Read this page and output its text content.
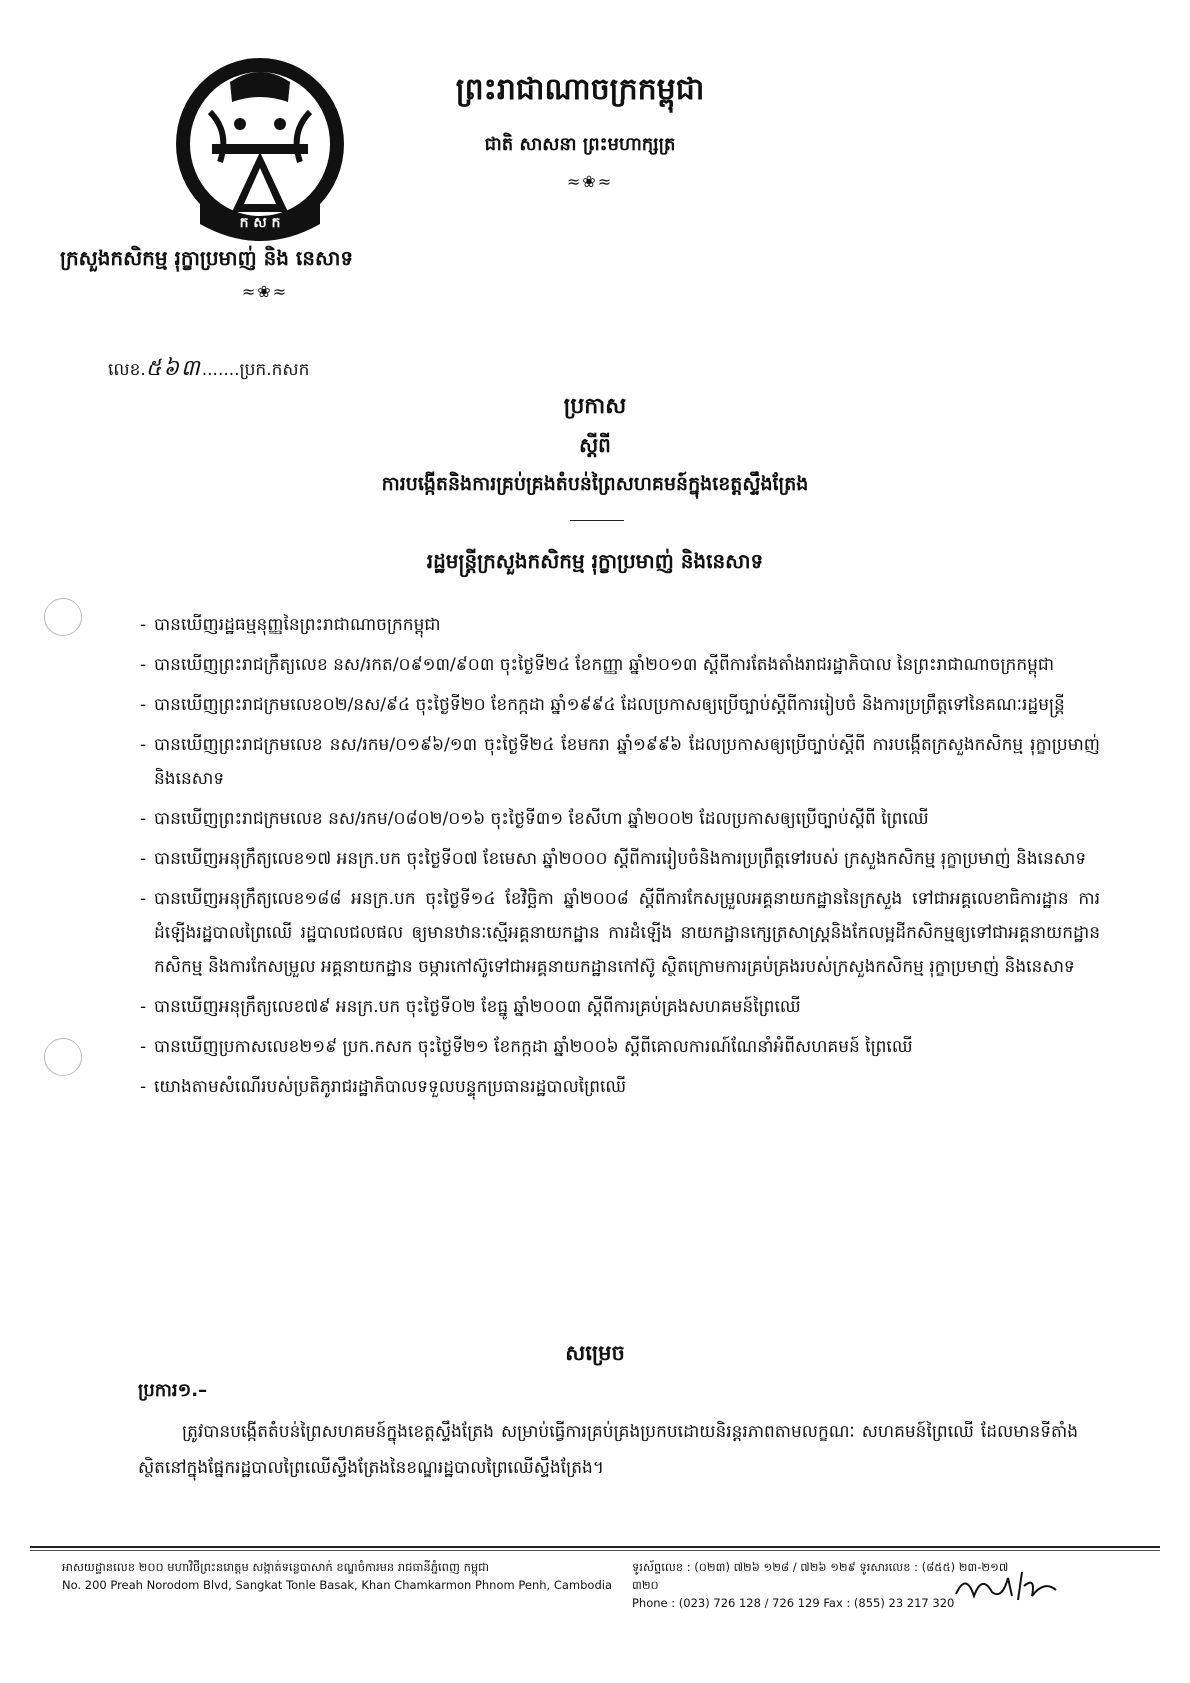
ក ស ក
ព្រះរាជាណាចក្រកម្ពុជា
ជាតិ សាសនា ព្រះមហាក្សត្រ
≈❀≈
ក្រសួងកសិកម្ម រុក្ខាប្រមាញ់ និង នេសាទ
≈❀≈
លេខ.៥៦៣.......ប្រក.កសក
ប្រកាស
ស្ដីពី
ការបង្កើតនិងការគ្រប់គ្រងតំបន់ព្រៃសហគមន៍ក្នុងខេត្តស្ទឹងត្រែង
រដ្ឋមន្ត្រីក្រសួងកសិកម្ម រុក្ខាប្រមាញ់ និងនេសាទ
- បានឃើញរដ្ឋធម្មនុញ្ញនៃព្រះរាជាណាចក្រកម្ពុជា
- បានឃើញព្រះរាជក្រឹត្យលេខ នស/រកត/០៩១៣/៩០៣ ចុះថ្ងៃទី២៤ ខែកញ្ញា ឆ្នាំ២០១៣ ស្ដីពីការតែងតាំងរាជរដ្ឋាភិបាល នៃព្រះរាជាណាចក្រកម្ពុជា
- បានឃើញព្រះរាជក្រមលេខ០២/នស/៩៤ ចុះថ្ងៃទី២០ ខែកក្កដា ឆ្នាំ១៩៩៤ ដែលប្រកាសឲ្យប្រើច្បាប់ស្ដីពីការរៀបចំ និងការប្រព្រឹត្តទៅនៃគណៈរដ្ឋមន្ត្រី
- បានឃើញព្រះរាជក្រមលេខ នស/រកម/០១៩៦/១៣ ចុះថ្ងៃទី២៤ ខែមករា ឆ្នាំ១៩៩៦ ដែលប្រកាសឲ្យប្រើច្បាប់ស្ដីពី ការបង្កើតក្រសួងកសិកម្ម រុក្ខាប្រមាញ់ និងនេសាទ
- បានឃើញព្រះរាជក្រមលេខ នស/រកម/០៨០២/០១៦ ចុះថ្ងៃទី៣១ ខែសីហា ឆ្នាំ២០០២ ដែលប្រកាសឲ្យប្រើច្បាប់ស្ដីពី ព្រៃឈើ
- បានឃើញអនុក្រឹត្យលេខ១៧ អនក្រ.បក ចុះថ្ងៃទី០៧ ខែមេសា ឆ្នាំ២០០០ ស្ដីពីការរៀបចំនិងការប្រព្រឹត្តទៅរបស់ ក្រសួងកសិកម្ម រុក្ខាប្រមាញ់ និងនេសាទ
- បានឃើញអនុក្រឹត្យលេខ១៨៨ អនក្រ.បក ចុះថ្ងៃទី១៤ ខែវិច្ឆិកា ឆ្នាំ២០០៨ ស្ដីពីការកែសម្រួលអគ្គនាយកដ្ឋាននៃក្រសួង ទៅជាអគ្គលេខាធិការដ្ឋាន ការដំឡើងរដ្ឋបាលព្រៃឈើ រដ្ឋបាលជលផល ឲ្យមានឋានៈស្មើអគ្គនាយកដ្ឋាន ការដំឡើង នាយកដ្ឋានក្សេត្រសាស្ត្រនិងកែលម្អដីកសិកម្មឲ្យទៅជាអគ្គនាយកដ្ឋានកសិកម្ម និងការកែសម្រួល អគ្គនាយកដ្ឋាន ចម្ការកៅស៊ូទៅជាអគ្គនាយកដ្ឋានកៅស៊ូ ស្ថិតក្រោមការគ្រប់គ្រងរបស់ក្រសួងកសិកម្ម រុក្ខាប្រមាញ់ និងនេសាទ
- បានឃើញអនុក្រឹត្យលេខ៧៩ អនក្រ.បក ចុះថ្ងៃទី០២ ខែធ្នូ ឆ្នាំ២០០៣ ស្ដីពីការគ្រប់គ្រងសហគមន៍ព្រៃឈើ
- បានឃើញប្រកាសលេខ២១៩ ប្រក.កសក ចុះថ្ងៃទី២១ ខែកក្កដា ឆ្នាំ២០០៦ ស្ដីពីគោលការណ៍ណែនាំអំពីសហគមន៍ ព្រៃឈើ
- យោងតាមសំណើរបស់ប្រតិភូរាជរដ្ឋាភិបាលទទួលបន្ទុកប្រធានរដ្ឋបាលព្រៃឈើ
សម្រេច
ប្រការ១.–
ត្រូវបានបង្កើតតំបន់ព្រៃសហគមន៍ក្នុងខេត្តស្ទឹងត្រែង សម្រាប់ធ្វើការគ្រប់គ្រងប្រកបដោយនិរន្តរភាពតាមលក្ខណៈ សហគមន៍ព្រៃឈើ ដែលមានទីតាំងស្ថិតនៅក្នុងផ្នែករដ្ឋបាលព្រៃឈើស្ទឹងត្រែងនៃខណ្ឌរដ្ឋបាលព្រៃឈើស្ទឹងត្រែង។
អាសយដ្ឋានលេខ ២០០ មហាវិថីព្រះនរោត្តម សង្កាត់ទន្លេបាសាក់ ខណ្ឌចំការមន រាជធានីភ្នំពេញ កម្ពុជា
No. 200 Preah Norodom Blvd, Sangkat Tonle Basak, Khan Chamkarmon Phnom Penh, Cambodia
ទូរស័ព្ទលេខ : (០២៣) ៧២៦ ១២៨ / ៧២៦ ១២៩ ទូរសារលេខ : (៨៥៥) ២៣-២១៧ ៣២០
Phone : (023) 726 128 / 726 129 Fax : (855) 23 217 320
